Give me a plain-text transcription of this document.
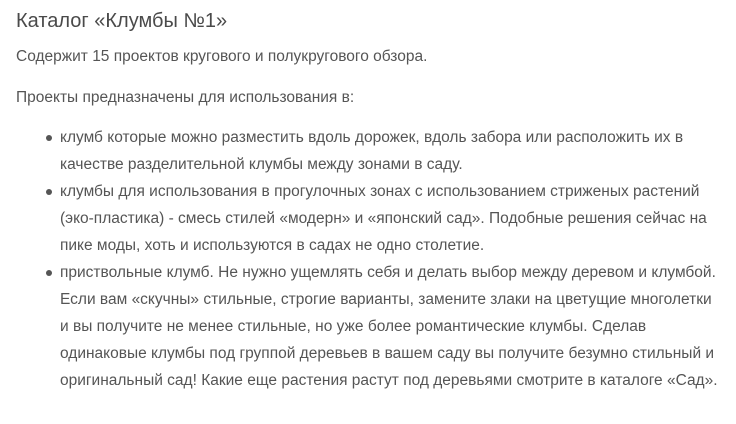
Каталог «Клумбы №1»

Содержит 15 проектов кругового и полукругового обзора.

Проекты предназначены для использования в:

клумб которые можно разместить вдоль дорожек, вдоль забора или расположить их в качестве разделительной клумбы между зонами в саду.
клумбы для использования в прогулочных зонах с использованием стриженых растений (эко-пластика) - смесь стилей «модерн» и «японский сад». Подобные решения сейчас на пике моды, хоть и используются в садах не одно столетие.
приствольные клумб. Не нужно ущемлять себя и делать выбор между деревом и клумбой. Если вам «скучны» стильные, строгие варианты, замените злаки на цветущие многолетки и вы получите не менее стильные, но уже более романтические клумбы. Сделав одинаковые клумбы под группой деревьев в вашем саду вы получите безумно стильный и оригинальный сад! Какие еще растения растут под деревьями смотрите в каталоге «Сад».
